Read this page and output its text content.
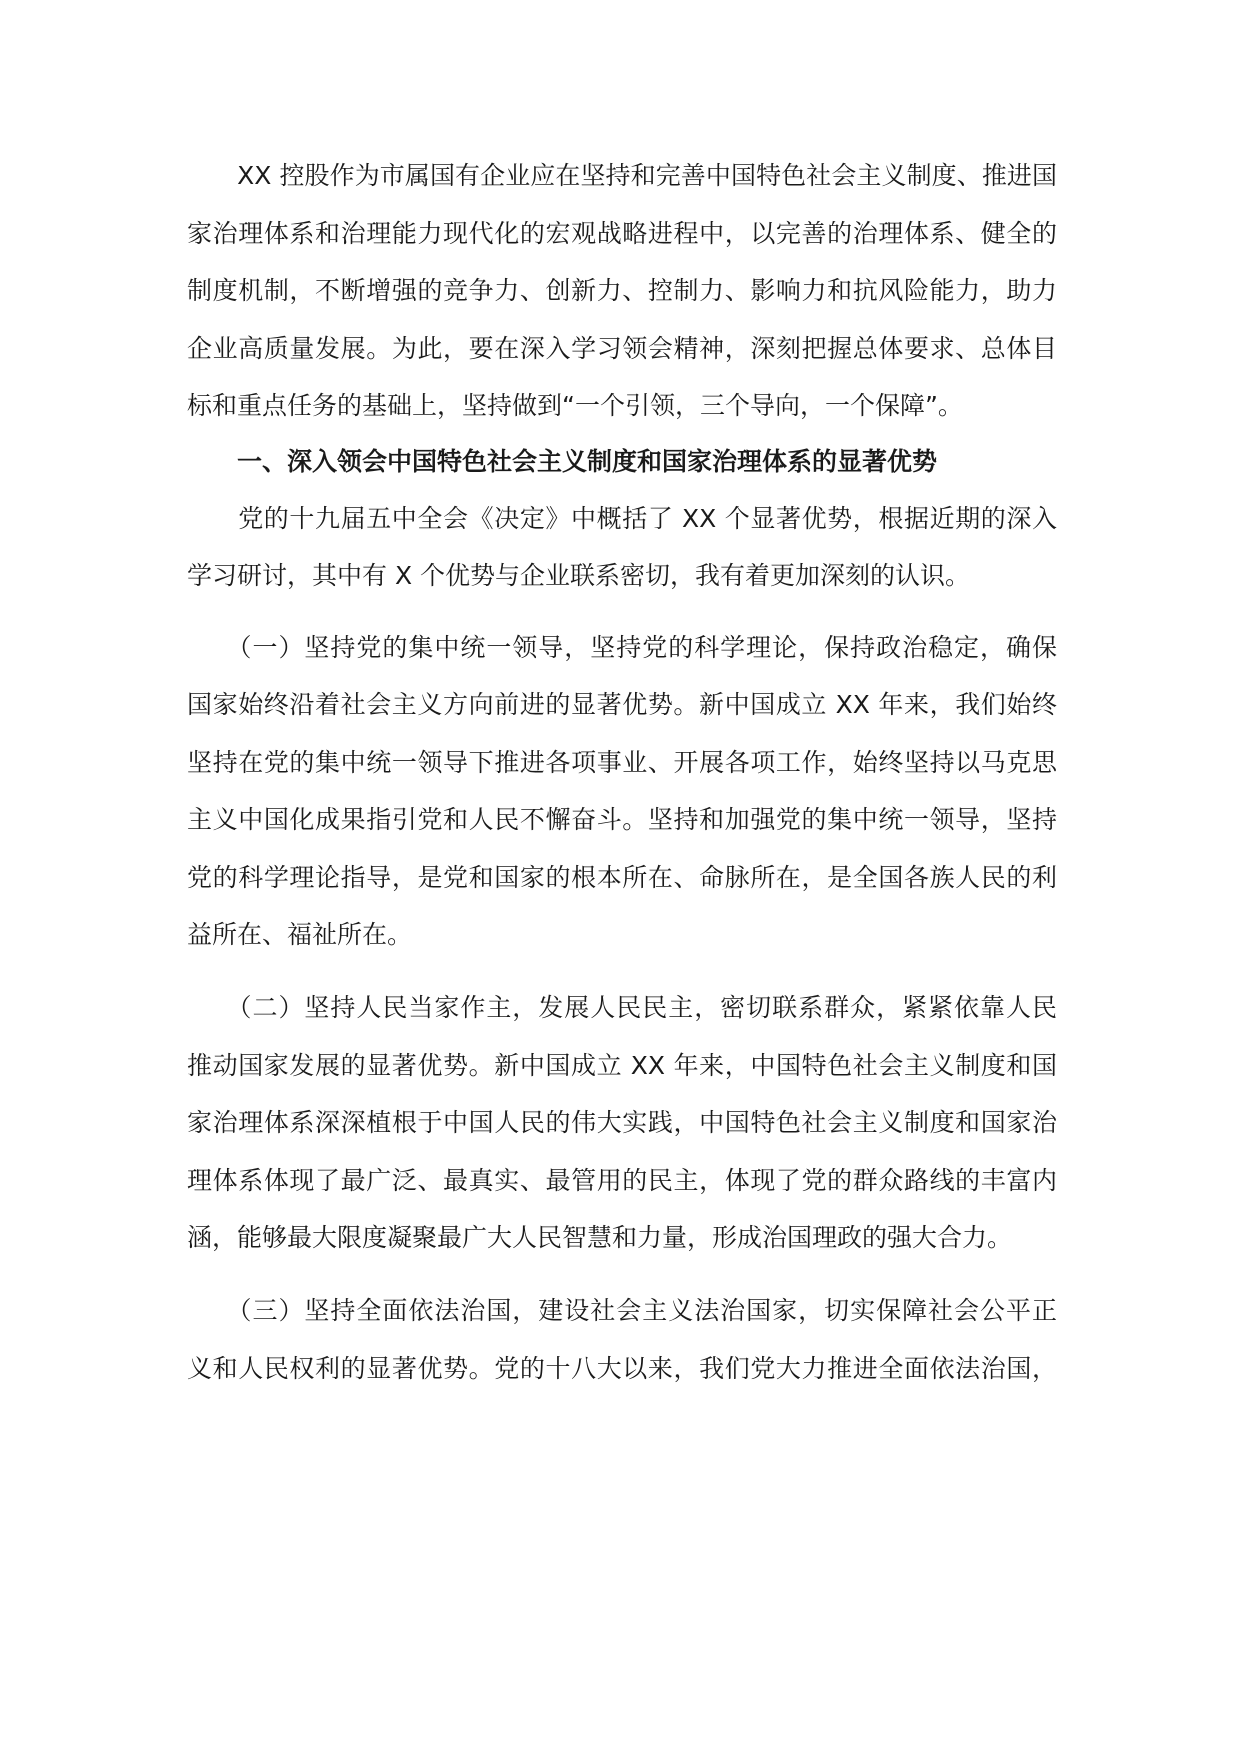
　　XX 控股作为市属国有企业应在坚持和完善中国特色社会主义制度、推进国
家治理体系和治理能力现代化的宏观战略进程中，以完善的治理体系、健全的
制度机制，不断增强的竞争力、创新力、控制力、影响力和抗风险能力，助力
企业高质量发展。为此，要在深入学习领会精神，深刻把握总体要求、总体目
标和重点任务的基础上，坚持做到“一个引领，三个导向，一个保障”。
　　一、深入领会中国特色社会主义制度和国家治理体系的显著优势
　　党的十九届五中全会《决定》中概括了 XX 个显著优势，根据近期的深入
学习研讨，其中有 X 个优势与企业联系密切，我有着更加深刻的认识。
　　（一）坚持党的集中统一领导，坚持党的科学理论，保持政治稳定，确保
国家始终沿着社会主义方向前进的显著优势。新中国成立 XX 年来，我们始终
坚持在党的集中统一领导下推进各项事业、开展各项工作，始终坚持以马克思
主义中国化成果指引党和人民不懈奋斗。坚持和加强党的集中统一领导，坚持
党的科学理论指导，是党和国家的根本所在、命脉所在，是全国各族人民的利
益所在、福祉所在。
　　（二）坚持人民当家作主，发展人民民主，密切联系群众，紧紧依靠人民
推动国家发展的显著优势。新中国成立 XX 年来，中国特色社会主义制度和国
家治理体系深深植根于中国人民的伟大实践，中国特色社会主义制度和国家治
理体系体现了最广泛、最真实、最管用的民主，体现了党的群众路线的丰富内
涵，能够最大限度凝聚最广大人民智慧和力量，形成治国理政的强大合力。
　　（三）坚持全面依法治国，建设社会主义法治国家，切实保障社会公平正
义和人民权利的显著优势。党的十八大以来，我们党大力推进全面依法治国，
